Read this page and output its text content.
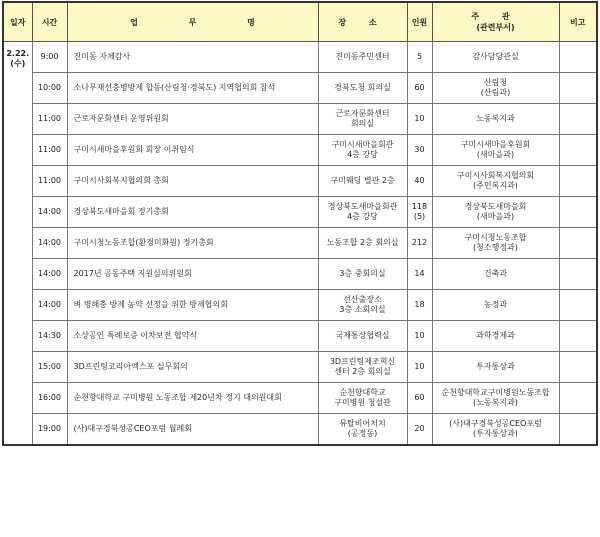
일자	시간	업 무 명	장 소	인원	주 관
(관련부서)	비고

2.22.
(수)	9:00	진미동 자체감사	진미동주민센터	5	감사담당관실	
	10:00	소나무재선충병방제 합동(산림청·경북도) 지역협의회 참석	경북도청 회의실	60	산림청
(산림과)	
	11:00	근로자문화센터 운영위원회	근로자문화센터
회의실	10	노동복지과	
	11:00	구미시새마을후원회 회장 이취임식	구미시새마을회관
4층 강당	30	구미시새마을후원회
(새마을과)	
	11:00	구미시사회복지협의회 총회	구미웨딩 별관 2층	40	구미시사회복지협의회
(주민복지과)	
	14:00	경상북도새마을회 정기총회	경상북도새마을회관
4층 강당	118
(5)	경상북도새마을회
(새마을과)	
	14:00	구미시청노동조합(환경미화원) 정기총회	노동조합 2층 회의실	212	구미시청노동조합
(청소행정과)	
	14:00	2017년 공동주택 지원심의위원회	3층 중회의실	14	건축과	
	14:00	벼 병해충 방제 농약 선정을 위한 방제협의회	선산출장소
3층 소회의실	18	농정과	
	14:30	소상공인 특례보증 이차보전 협약식	국제통상협력실	10	과학경제과	
	15:00	3D프린팅코리아엑스포 실무회의	3D프린팅제조혁신
센터 2층 회의실	10	투자통상과	
	16:00	순천향대학교 구미병원 노동조합 제20년차 정기 대의원대회	순천향대학교
구미병원 청설관	60	순천향대학교구미병원노동조합
(노동복지과)	
	19:00	(사)대구경북성공CEO포럼 월례회	뮤탈비어처치
(공정동)	20	(사)대구경북성공CEO포럼
(투자통상과)	
